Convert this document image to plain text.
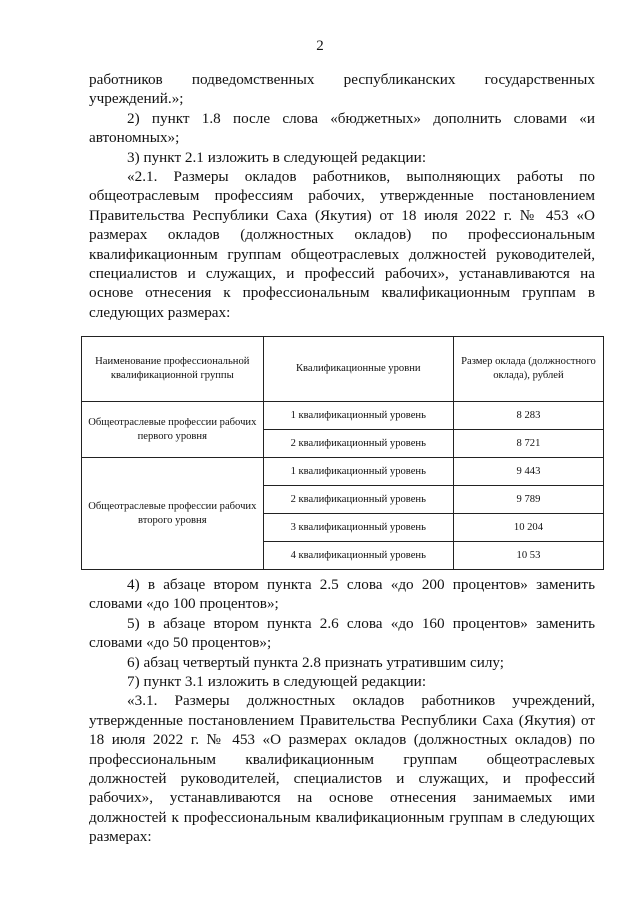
2

работников подведомственных республиканских государственных учреждений.»;

2) пункт 1.8 после слова «бюджетных» дополнить словами «и автономных»;

3) пункт 2.1 изложить в следующей редакции:

«2.1. Размеры окладов работников, выполняющих работы по общеотраслевым профессиям рабочих, утвержденные постановлением Правительства Республики Саха (Якутия) от 18 июля 2022 г. № 453 «О размерах окладов (должностных окладов) по профессиональным квалификационным группам общеотраслевых должностей руководителей, специалистов и служащих, и профессий рабочих», устанавливаются на основе отнесения к профессиональным квалификационным группам в следующих размерах:

Наименование профессиональной квалификационной группы	Квалификационные уровни	Размер оклада (должностного оклада), рублей
Общеотраслевые профессии рабочих первого уровня	1 квалификационный уровень	8 283
	2 квалификационный уровень	8 721
Общеотраслевые профессии рабочих второго уровня	1 квалификационный уровень	9 443
	2 квалификационный уровень	9 789
	3 квалификационный уровень	10 204
	4 квалификационный уровень	10 53

4) в абзаце втором пункта 2.5 слова «до 200 процентов» заменить словами «до 100 процентов»;

5) в абзаце втором пункта 2.6 слова «до 160 процентов» заменить словами «до 50 процентов»;

6) абзац четвертый пункта 2.8 признать утратившим силу;

7) пункт 3.1 изложить в следующей редакции:

«3.1. Размеры должностных окладов работников учреждений, утвержденные постановлением Правительства Республики Саха (Якутия) от 18 июля 2022 г. № 453 «О размерах окладов (должностных окладов) по профессиональным квалификационным группам общеотраслевых должностей руководителей, специалистов и служащих, и профессий рабочих», устанавливаются на основе отнесения занимаемых ими должностей к профессиональным квалификационным группам в следующих размерах:
